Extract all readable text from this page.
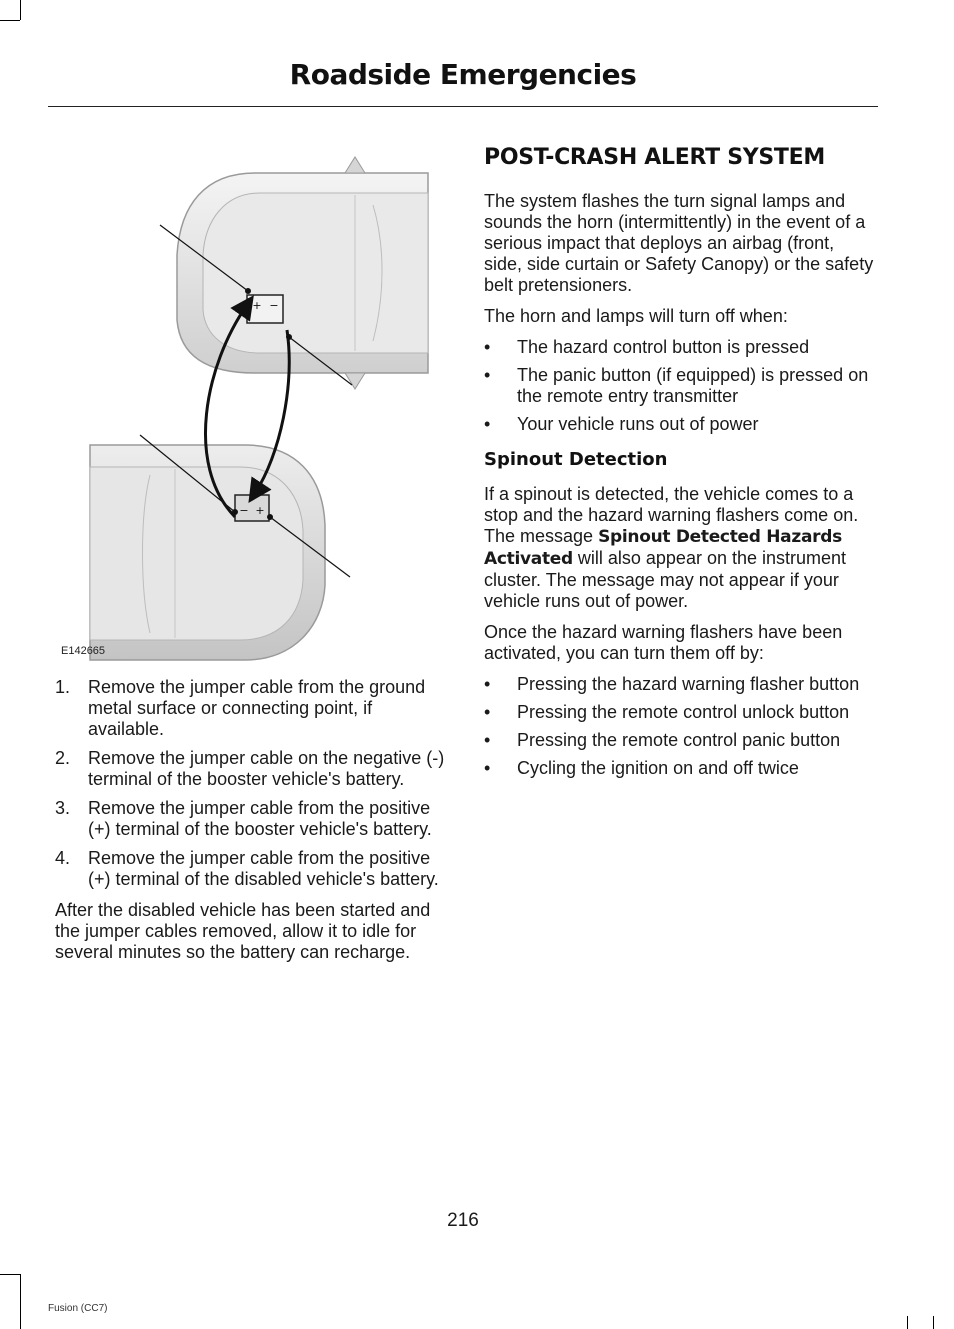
Roadside Emergencies
+ −
− +
E142665
1. Remove the jumper cable from the ground metal surface or connecting point, if available.
2. Remove the jumper cable on the negative (-) terminal of the booster vehicle's battery.
3. Remove the jumper cable from the positive (+) terminal of the booster vehicle's battery.
4. Remove the jumper cable from the positive (+) terminal of the disabled vehicle's battery.

After the disabled vehicle has been started and the jumper cables removed, allow it to idle for several minutes so the battery can recharge.

POST-CRASH ALERT SYSTEM

The system flashes the turn signal lamps and sounds the horn (intermittently) in the event of a serious impact that deploys an airbag (front, side, side curtain or Safety Canopy) or the safety belt pretensioners.

The horn and lamps will turn off when:

• The hazard control button is pressed
• The panic button (if equipped) is pressed on the remote entry transmitter
• Your vehicle runs out of power
Spinout Detection

If a spinout is detected, the vehicle comes to a stop and the hazard warning flashers come on. The message Spinout Detected Hazards Activated will also appear on the instrument cluster. The message may not appear if your vehicle runs out of power.

Once the hazard warning flashers have been activated, you can turn them off by:

• Pressing the hazard warning flasher button
• Pressing the remote control unlock button
• Pressing the remote control panic button
• Cycling the ignition on and off twice
216
Fusion (CC7)
